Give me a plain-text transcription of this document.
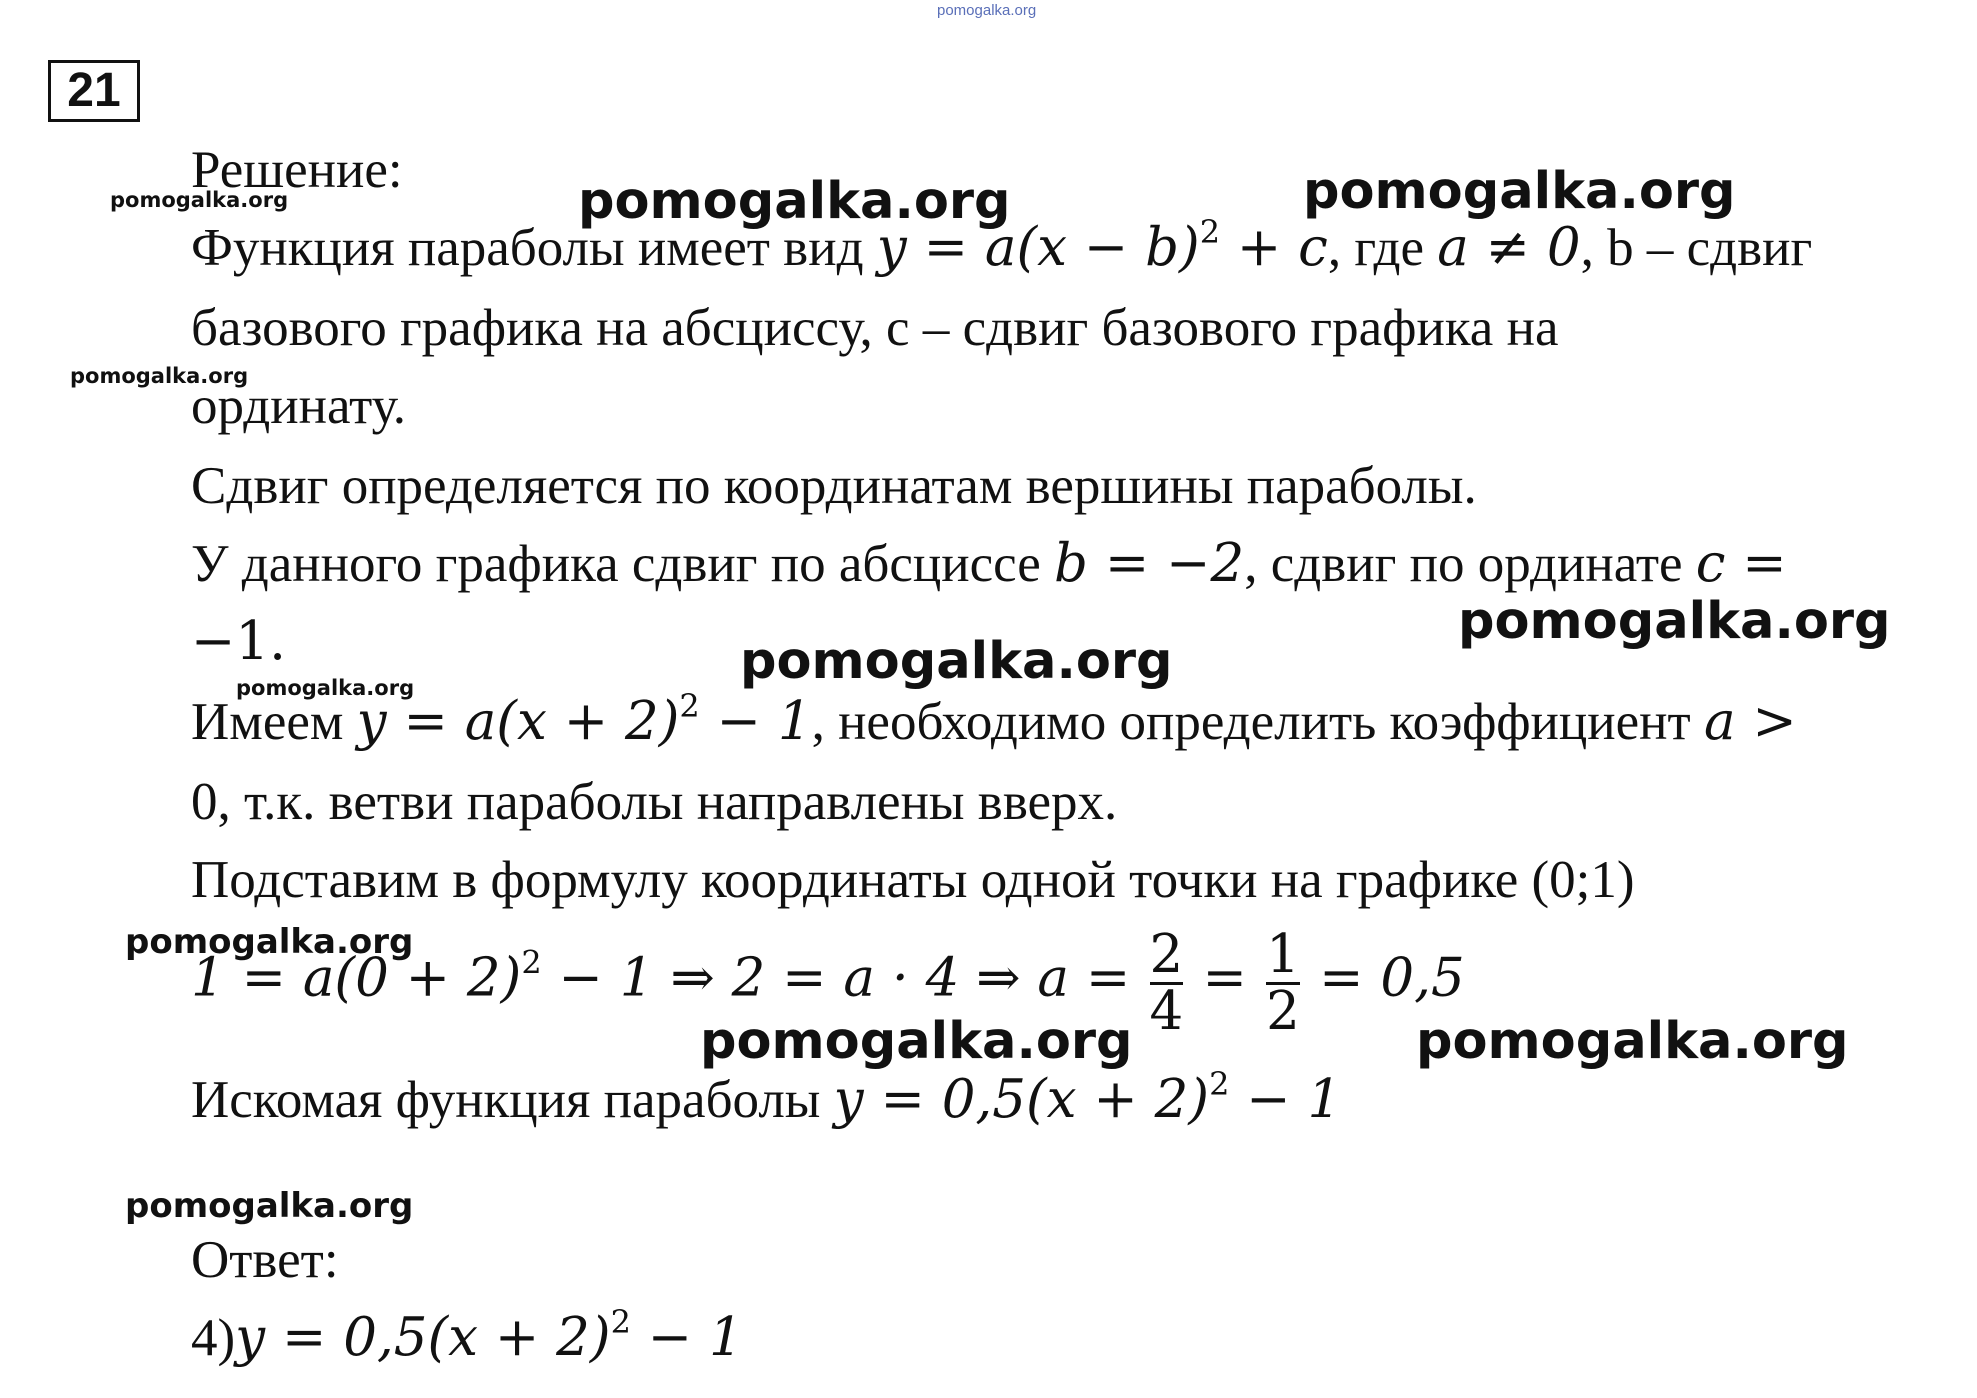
pomogalka.org
21
pomogalka.org	pomogalka.org	pomogalka.org
pomogalka.org
pomogalka.org
pomogalka.org
pomogalka.org
pomogalka.org
pomogalka.org	pomogalka.org
pomogalka.org
Решение:
Функция параболы имеет вид $y = a(x - b)^2 + c$, где a ≠ 0, b – сдвиг
базового графика на абсциссу, с – сдвиг базового графика на
ординату.
Сдвиг определяется по координатам вершины параболы.
У данного графика сдвиг по абсциссе b = −2, сдвиг по ординате c =
−1.
Имеем $y = a(x + 2)^2 - 1$, необходимо определить коэффициент a >
0, т.к. ветви параболы направлены вверх.
Подставим в формулу координаты одной точки на графике (0;1)
$1 = a(0 + 2)^2 - 1$ ⇒ 2 = a · 4 ⇒ $a = \frac{2}{4} = \frac{1}{2} = 0,5$
Искомая функция параболы $y = 0,5(x + 2)^2 - 1$
Ответ:
$4)y = 0,5(x + 2)^2 - 1$
